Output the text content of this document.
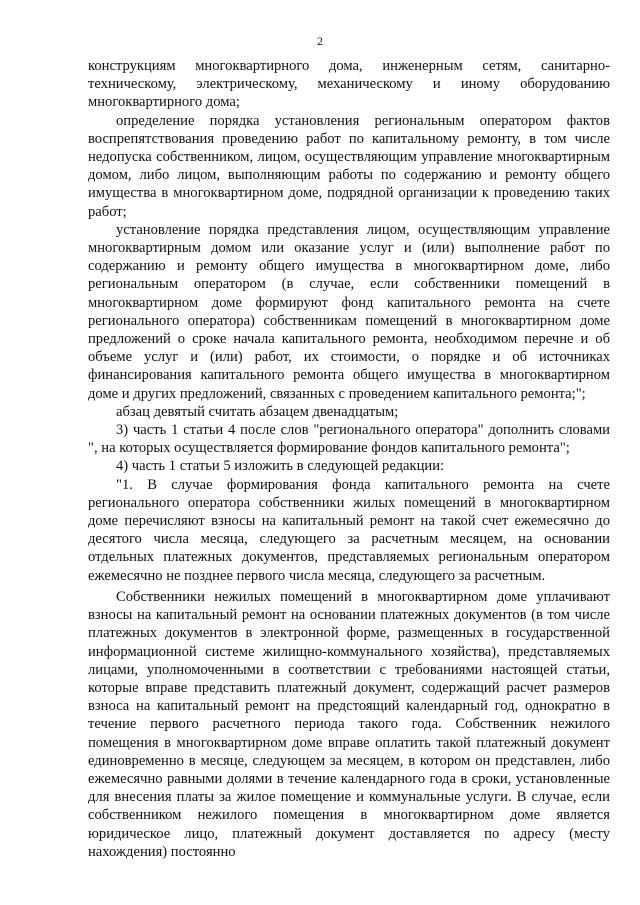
2

конструкциям многоквартирного дома, инженерным сетям, санитарно-техническому, электрическому, механическому и иному оборудованию многоквартирного дома;

определение порядка установления региональным оператором фактов воспрепятствования проведению работ по капитальному ремонту, в том числе недопуска собственником, лицом, осуществляющим управление многоквартирным домом, либо лицом, выполняющим работы по содержанию и ремонту общего имущества в многоквартирном доме, подрядной организации к проведению таких работ;

установление порядка представления лицом, осуществляющим управление многоквартирным домом или оказание услуг и (или) выполнение работ по содержанию и ремонту общего имущества в многоквартирном доме, либо региональным оператором (в случае, если собственники помещений в многоквартирном доме формируют фонд капитального ремонта на счете регионального оператора) собственникам помещений в многоквартирном доме предложений о сроке начала капитального ремонта, необходимом перечне и об объеме услуг и (или) работ, их стоимости, о порядке и об источниках финансирования капитального ремонта общего имущества в многоквартирном доме и других предложений, связанных с проведением капитального ремонта;";

абзац девятый считать абзацем двенадцатым;

3) часть 1 статьи 4 после слов "регионального оператора" дополнить словами ", на которых осуществляется формирование фондов капитального ремонта";

4) часть 1 статьи 5 изложить в следующей редакции:

"1. В случае формирования фонда капитального ремонта на счете регионального оператора собственники жилых помещений в многоквартирном доме перечисляют взносы на капитальный ремонт на такой счет ежемесячно до десятого числа месяца, следующего за расчетным месяцем, на основании отдельных платежных документов, представляемых региональным оператором ежемесячно не позднее первого числа месяца, следующего за расчетным.

Собственники нежилых помещений в многоквартирном доме уплачивают взносы на капитальный ремонт на основании платежных документов (в том числе платежных документов в электронной форме, размещенных в государственной информационной системе жилищно-коммунального хозяйства), представляемых лицами, уполномоченными в соответствии с требованиями настоящей статьи, которые вправе представить платежный документ, содержащий расчет размеров взноса на капитальный ремонт на предстоящий календарный год, однократно в течение первого расчетного периода такого года. Собственник нежилого помещения в многоквартирном доме вправе оплатить такой платежный документ единовременно в месяце, следующем за месяцем, в котором он представлен, либо ежемесячно равными долями в течение календарного года в сроки, установленные для внесения платы за жилое помещение и коммунальные услуги. В случае, если собственником нежилого помещения в многоквартирном доме является юридическое лицо, платежный документ доставляется по адресу (месту нахождения) постоянно
